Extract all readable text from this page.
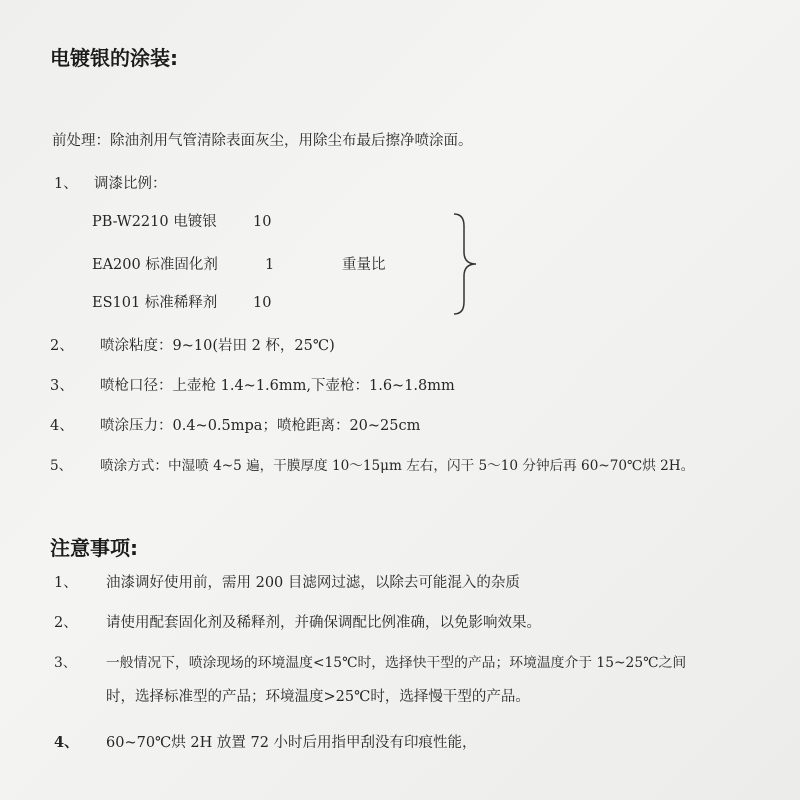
电镀银的涂装:
前处理：除油剂用气管清除表面灰尘，用除尘布最后擦净喷涂面。
1、 调漆比例：
PB-W2210 电镀银	10
EA200 标准固化剂	1
ES101 标准稀释剂 10
重量比
2、 喷涂粘度：9~10(岩田 2 杯，25℃)
3、 喷枪口径：上壶枪 1.4~1.6mm,下壶枪：1.6~1.8mm
4、 喷涂压力：0.4~0.5mpa；喷枪距离：20~25cm
5、 喷涂方式：中湿喷 4~5 遍，干膜厚度 10～15μm 左右，闪干 5～10 分钟后再 60~70℃烘 2H。
注意事项:
1、 油漆调好使用前，需用 200 目滤网过滤，以除去可能混入的杂质
2、 请使用配套固化剂及稀释剂，并确保调配比例准确，以免影响效果。
3、 一般情况下，喷涂现场的环境温度<15℃时，选择快干型的产品；环境温度介于 15~25℃之间
时，选择标准型的产品；环境温度>25℃时，选择慢干型的产品。
4、 60~70℃烘 2H 放置 72 小时后用指甲刮没有印痕性能，
